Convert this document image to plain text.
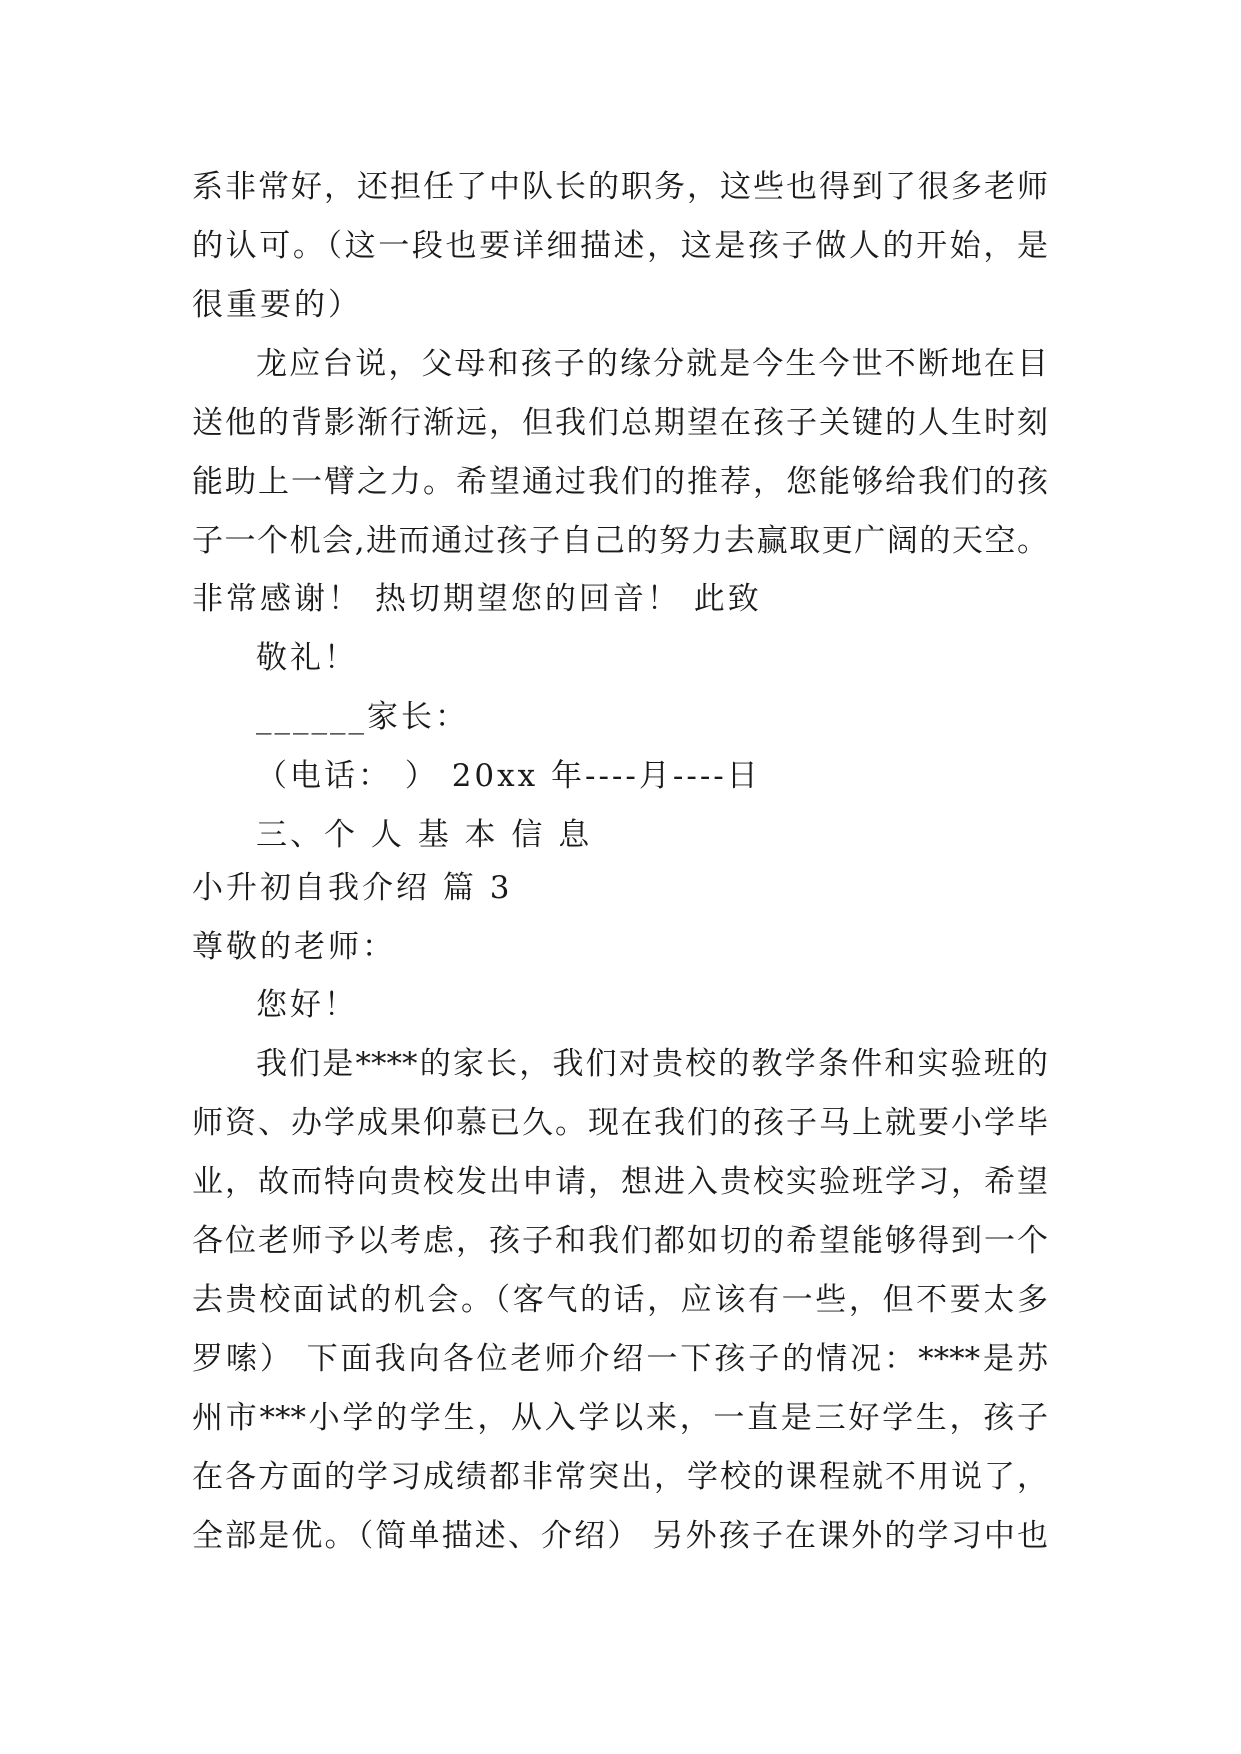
系非常好，还担任了中队长的职务，这些也得到了很多老师
的认可。（这一段也要详细描述，这是孩子做人的开始，是
很重要的）
龙应台说，父母和孩子的缘分就是今生今世不断地在目
送他的背影渐行渐远，但我们总期望在孩子关键的人生时刻
能助上一臂之力。希望通过我们的推荐，您能够给我们的孩
子一个机会,进而通过孩子自己的努力去赢取更广阔的天空。
非常感谢！ 热切期望您的回音！ 此致
敬礼！
______家长：
（电话： ） 20xx 年----月----日
三、个 人 基 本 信 息
小升初自我介绍 篇 3
尊敬的老师：
您好！
我们是****的家长，我们对贵校的教学条件和实验班的
师资、办学成果仰慕已久。现在我们的孩子马上就要小学毕
业，故而特向贵校发出申请，想进入贵校实验班学习，希望
各位老师予以考虑，孩子和我们都如切的希望能够得到一个
去贵校面试的机会。（客气的话，应该有一些，但不要太多
罗嗦） 下面我向各位老师介绍一下孩子的情况：****是苏
州市***小学的学生，从入学以来，一直是三好学生，孩子
在各方面的学习成绩都非常突出，学校的课程就不用说了，
全部是优。（简单描述、介绍） 另外孩子在课外的学习中也
